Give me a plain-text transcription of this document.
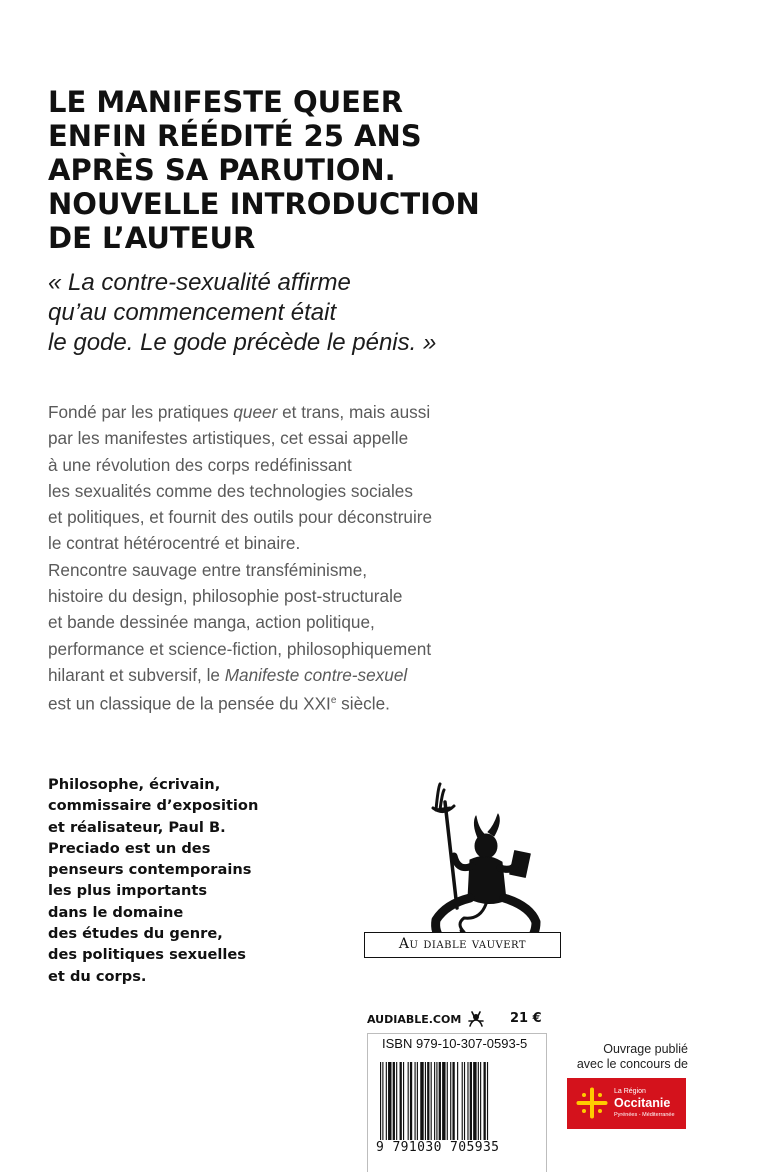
LE MANIFESTE QUEER
ENFIN RÉÉDITÉ 25 ANS
APRÈS SA PARUTION.
NOUVELLE INTRODUCTION
DE L’AUTEUR

« La contre-sexualité affirme
qu’au commencement était
le gode. Le gode précède le pénis. »

Fondé par les pratiques queer et trans, mais aussi
par les manifestes artistiques, cet essai appelle
à une révolution des corps redéfinissant
les sexualités comme des technologies sociales
et politiques, et fournit des outils pour déconstruire
le contrat hétérocentré et binaire.
Rencontre sauvage entre transféminisme,
histoire du design, philosophie post-structurale
et bande dessinée manga, action politique,
performance et science-fiction, philosophiquement
hilarant et subversif, le Manifeste contre-sexuel
est un classique de la pensée du XXIe siècle.

Philosophe, écrivain,
commissaire d’exposition
et réalisateur, Paul B.
Preciado est un des
penseurs contemporains
les plus importants
dans le domaine
des études du genre,
des politiques sexuelles
et du corps.

Au diable vauvert
AUDIABLE.COM	21 €
ISBN 979-10-307-0593-5
9 791030 705935

Ouvrage publié
avec le concours de

La Région
Occitanie
Pyrénées - Méditerranée
